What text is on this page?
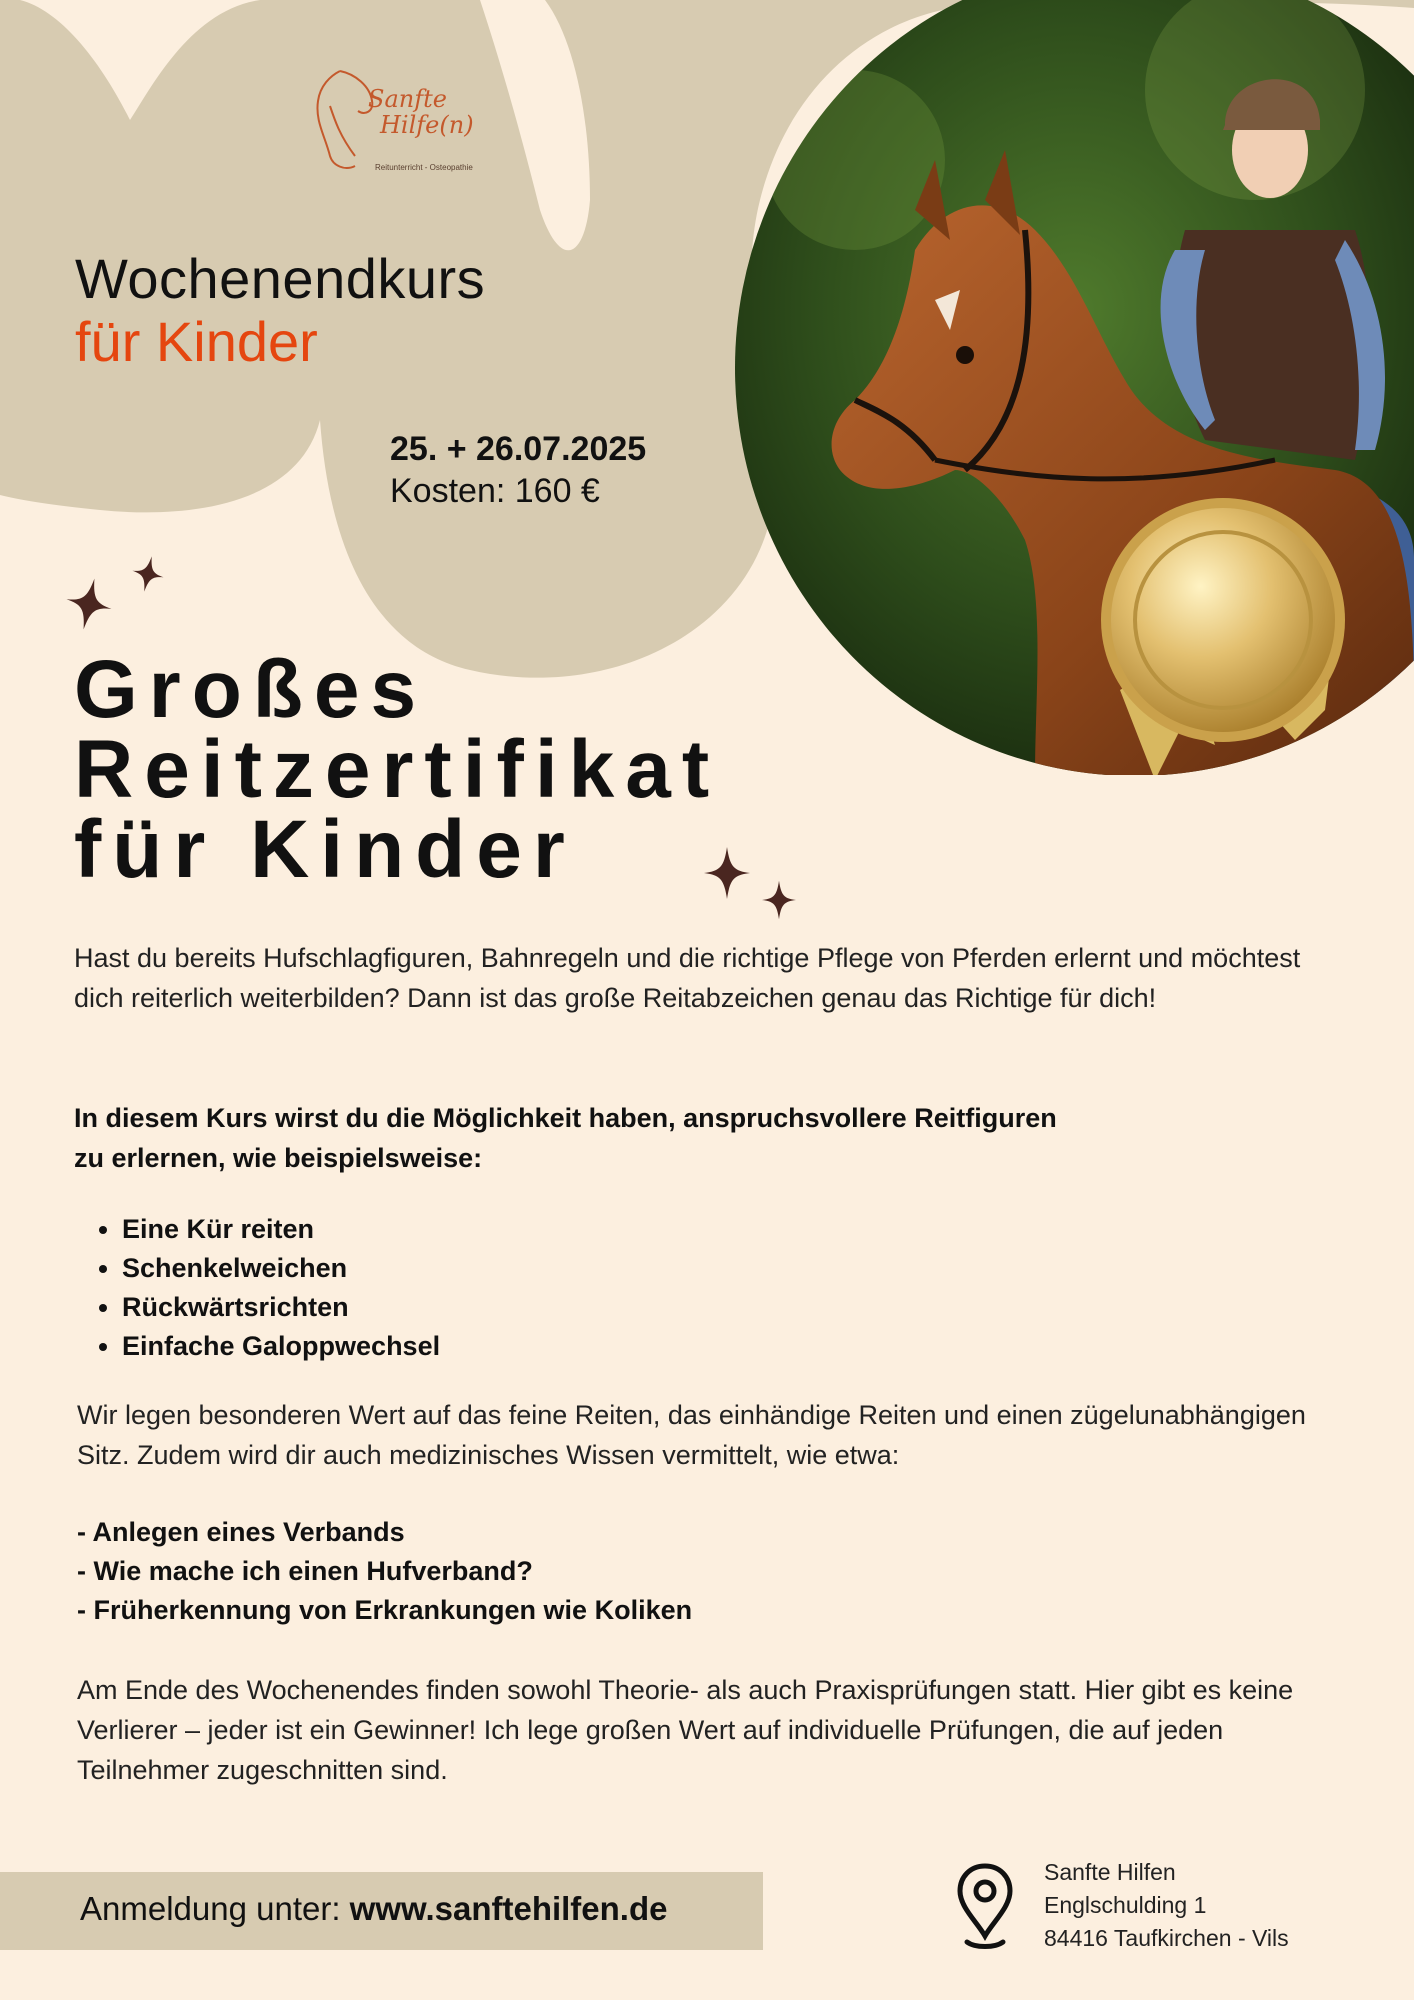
Sanfte
Hilfe(n)
Reitunterricht - Osteopathie
Wochenendkurs
für Kinder
25. + 26.07.2025
Kosten: 160 €
Großes
Reitzertifikat
für Kinder
Hast du bereits Hufschlagfiguren, Bahnregeln und die richtige Pflege von Pferden erlernt und möchtest dich reiterlich weiterbilden? Dann ist das große Reitabzeichen genau das Richtige für dich!
In diesem Kurs wirst du die Möglichkeit haben, anspruchsvollere Reitfiguren zu erlernen, wie beispielsweise:
• Eine Kür reiten
• Schenkelweichen
• Rückwärtsrichten
• Einfache Galoppwechsel
Wir legen besonderen Wert auf das feine Reiten, das einhändige Reiten und einen zügelunabhängigen Sitz. Zudem wird dir auch medizinisches Wissen vermittelt, wie etwa:
- Anlegen eines Verbands
- Wie mache ich einen Hufverband?
- Früherkennung von Erkrankungen wie Koliken
Am Ende des Wochenendes finden sowohl Theorie- als auch Praxisprüfungen statt. Hier gibt es keine Verlierer – jeder ist ein Gewinner! Ich lege großen Wert auf individuelle Prüfungen, die auf jeden Teilnehmer zugeschnitten sind.
Anmeldung unter: www.sanftehilfen.de
Sanfte Hilfen
Englschulding 1
84416 Taufkirchen - Vils
